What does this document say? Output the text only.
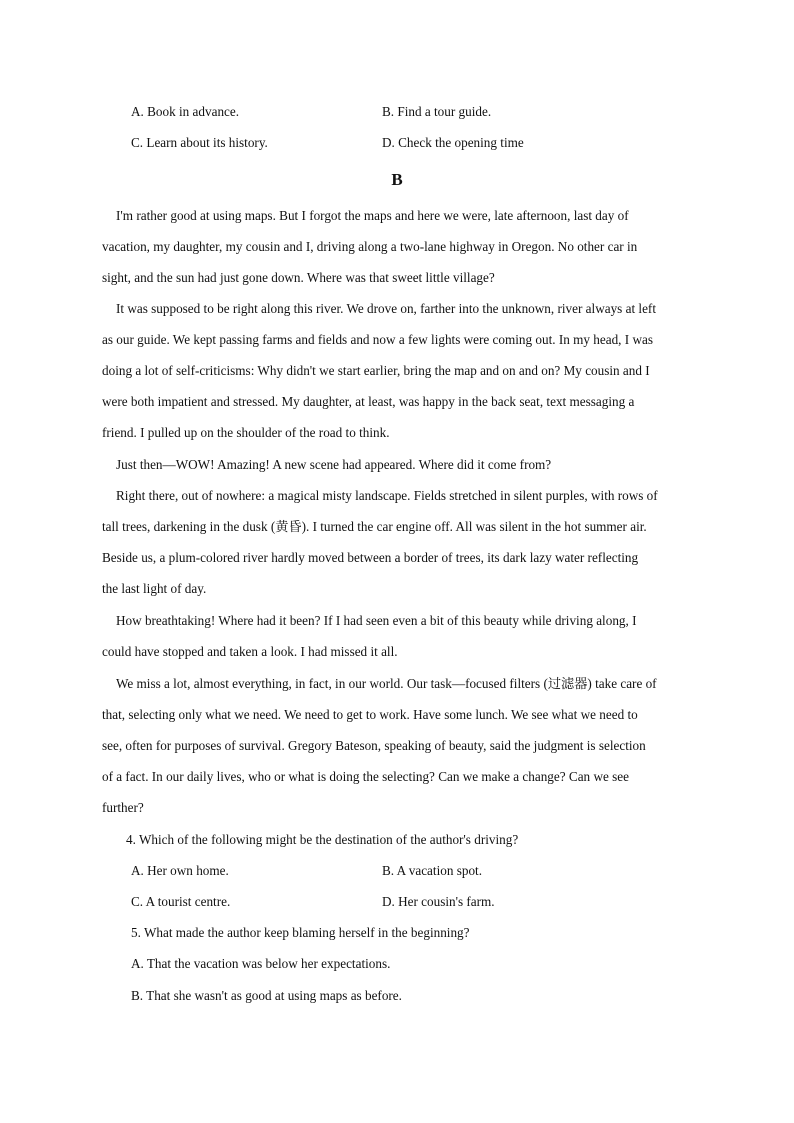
A. Book in advance.	B. Find a tour guide.
C. Learn about its history.	D. Check the opening time
B
I'm rather good at using maps. But I forgot the maps and here we were, late afternoon, last day of
vacation, my daughter, my cousin and I, driving along a two-lane highway in Oregon. No other car in
sight, and the sun had just gone down. Where was that sweet little village?
It was supposed to be right along this river. We drove on, farther into the unknown, river always at left
as our guide. We kept passing farms and fields and now a few lights were coming out. In my head, I was
doing a lot of self-criticisms: Why didn't we start earlier, bring the map and on and on? My cousin and I
were both impatient and stressed. My daughter, at least, was happy in the back seat, text messaging a
friend. I pulled up on the shoulder of the road to think.
Just then—WOW! Amazing! A new scene had appeared. Where did it come from?
Right there, out of nowhere: a magical misty landscape. Fields stretched in silent purples, with rows of
tall trees, darkening in the dusk (黄昏). I turned the car engine off. All was silent in the hot summer air.
Beside us, a plum-colored river hardly moved between a border of trees, its dark lazy water reflecting
the last light of day.
How breathtaking! Where had it been? If I had seen even a bit of this beauty while driving along, I
could have stopped and taken a look. I had missed it all.
We miss a lot, almost everything, in fact, in our world. Our task—focused filters (过滤器) take care of
that, selecting only what we need. We need to get to work. Have some lunch. We see what we need to
see, often for purposes of survival. Gregory Bateson, speaking of beauty, said the judgment is selection
of a fact. In our daily lives, who or what is doing the selecting? Can we make a change? Can we see
further?
4. Which of the following might be the destination of the author's driving?
A. Her own home.	B. A vacation spot.
C. A tourist centre.	D. Her cousin's farm.
5. What made the author keep blaming herself in the beginning?
A. That the vacation was below her expectations.
B. That she wasn't as good at using maps as before.
